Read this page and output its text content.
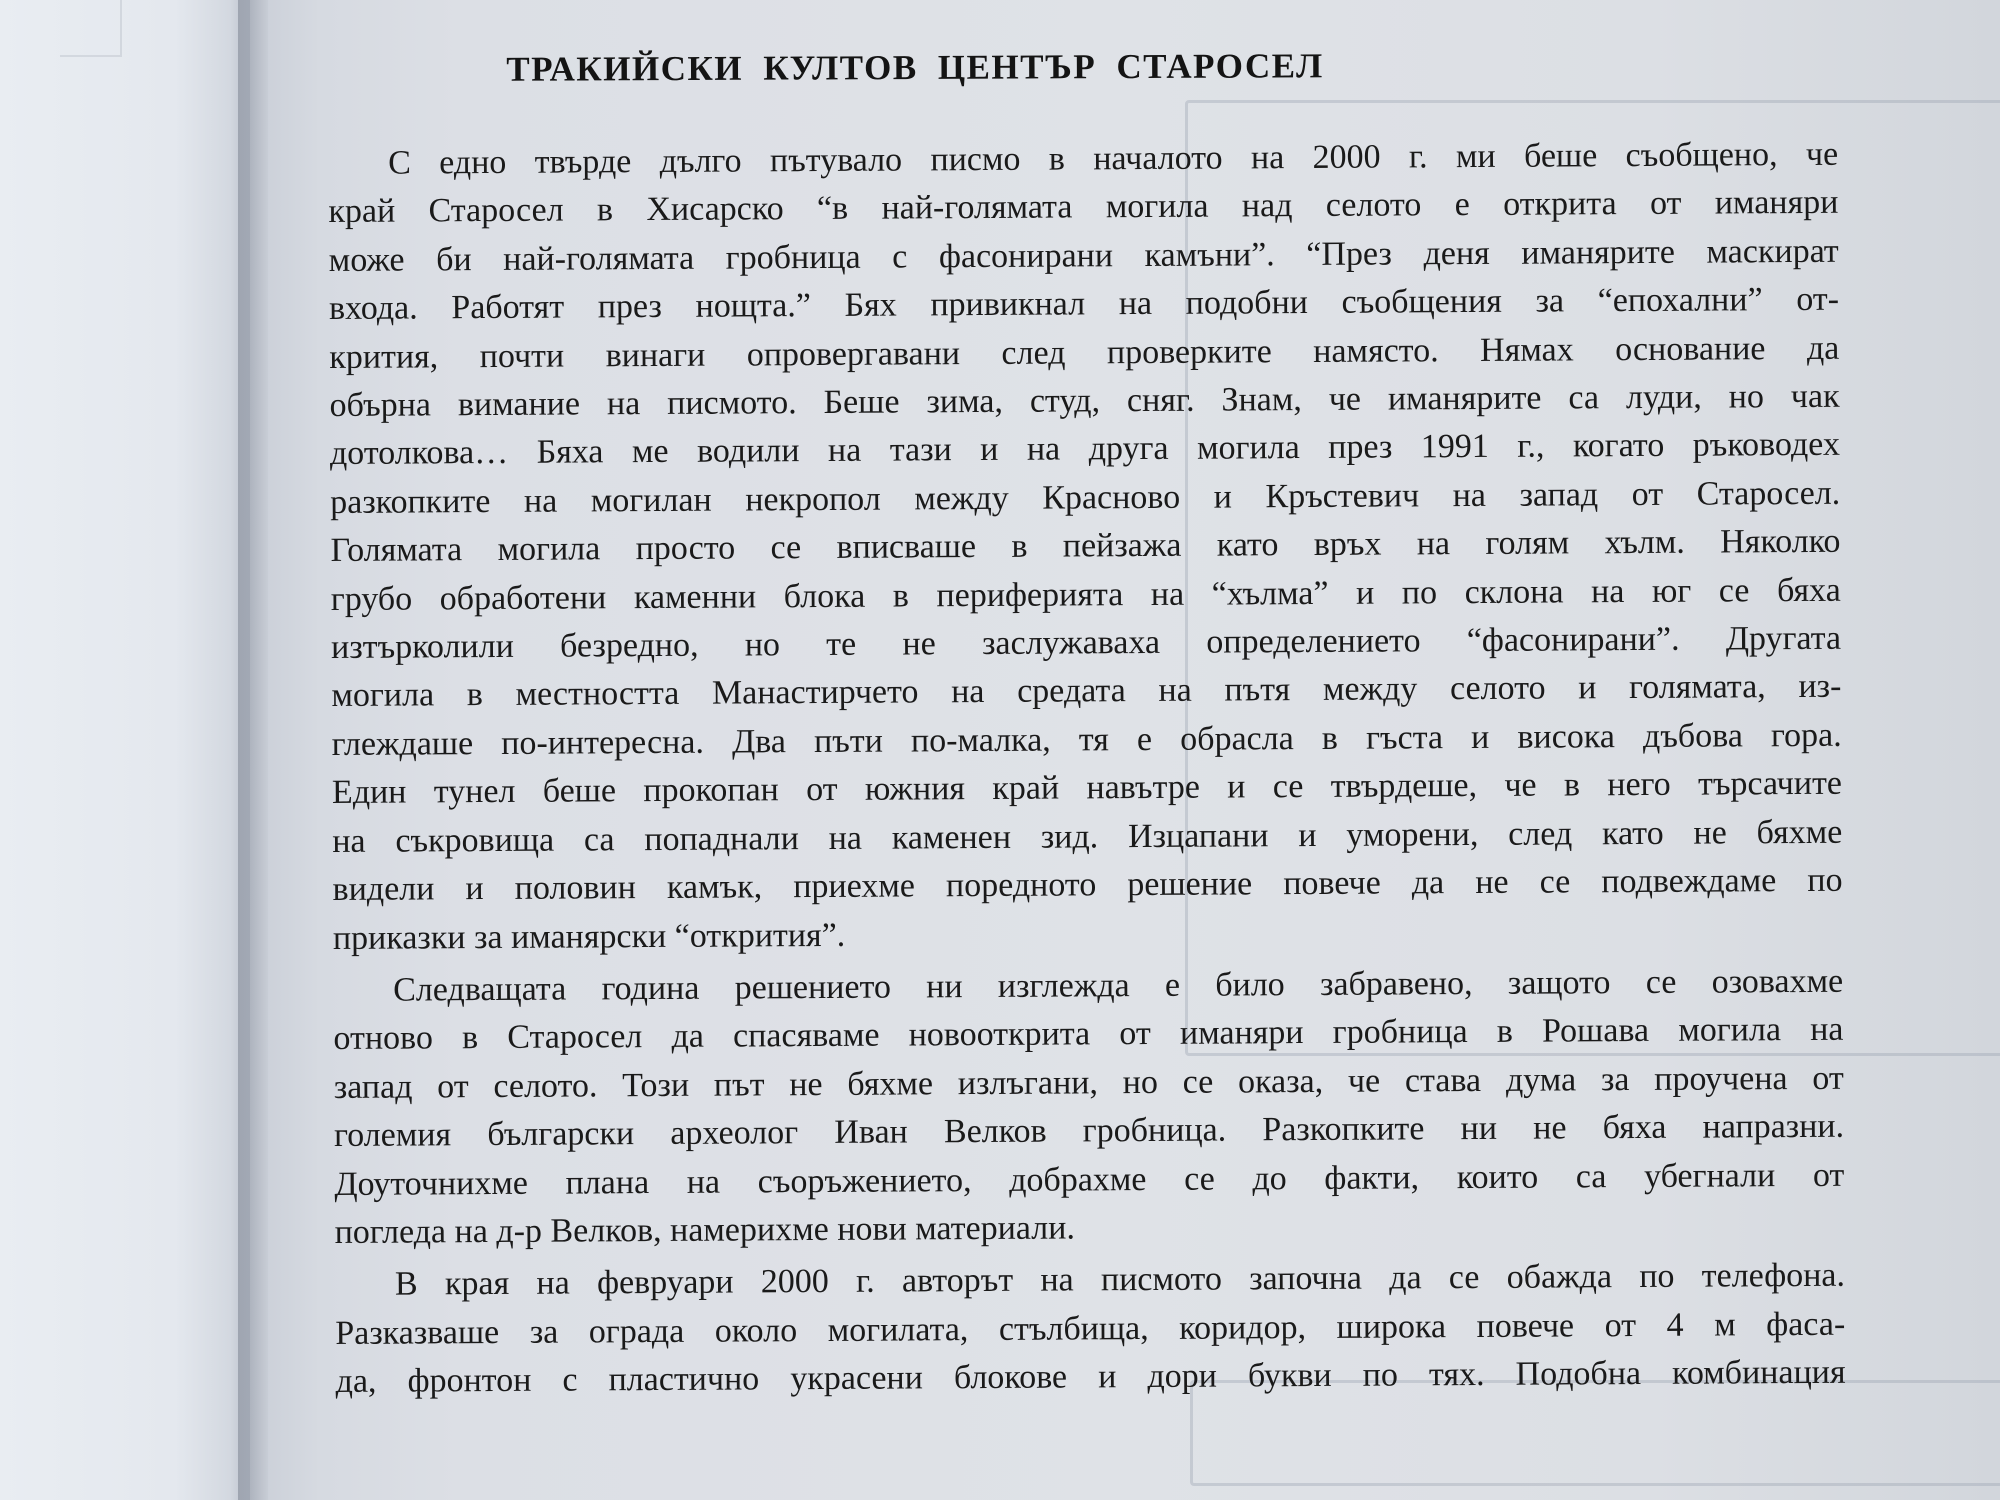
ТРАКИЙСКИ КУЛТОВ ЦЕНТЪР СТАРОСЕЛ
С едно твърде дълго пътувало писмо в началото на 2000 г. ми беше съобщено, че
край Старосел в Хисарско “в най-голямата могила над селото е открита от иманяри
може би най-голямата гробница с фасонирани камъни”. “През деня иманярите маскират
входа. Работят през нощта.” Бях привикнал на подобни съобщения за “епохални” от-
крития, почти винаги опровергавани след проверките намясто. Нямах основание да
обърна вимание на писмото. Беше зима, студ, сняг. Знам, че иманярите са луди, но чак
дотолкова… Бяха ме водили на тази и на друга могила през 1991 г., когато ръководех
разкопките на могилан некропол между Красново и Кръстевич на запад от Старосел.
Голямата могила просто се вписваше в пейзажа като връх на голям хълм. Няколко
грубо обработени каменни блока в периферията на “хълма” и по склона на юг се бяха
изтърколили безредно, но те не заслужаваха определението “фасонирани”. Другата
могила в местността Манастирчето на средата на пътя между селото и голямата, из-
глеждаше по-интересна. Два пъти по-малка, тя е обрасла в гъста и висока дъбова гора.
Един тунел беше прокопан от южния край навътре и се твърдеше, че в него търсачите
на съкровища са попаднали на каменен зид. Изцапани и уморени, след като не бяхме
видели и половин камък, приехме поредното решение повече да не се подвеждаме по
приказки за иманярски “открития”.
Следващата година решението ни изглежда е било забравено, защото се озовахме
отново в Старосел да спасяваме новооткрита от иманяри гробница в Рошава могила на
запад от селото. Този път не бяхме излъгани, но се оказа, че става дума за проучена от
големия български археолог Иван Велков гробница. Разкопките ни не бяха напразни.
Доуточнихме плана на съоръжението, добрахме се до факти, които са убегнали от
погледа на д-р Велков, намерихме нови материали.
В края на февруари 2000 г. авторът на писмото започна да се обажда по телефона.
Разказваше за ограда около могилата, стълбища, коридор, широка повече от 4 м фаса-
да, фронтон с пластично украсени блокове и дори букви по тях. Подобна комбинация
